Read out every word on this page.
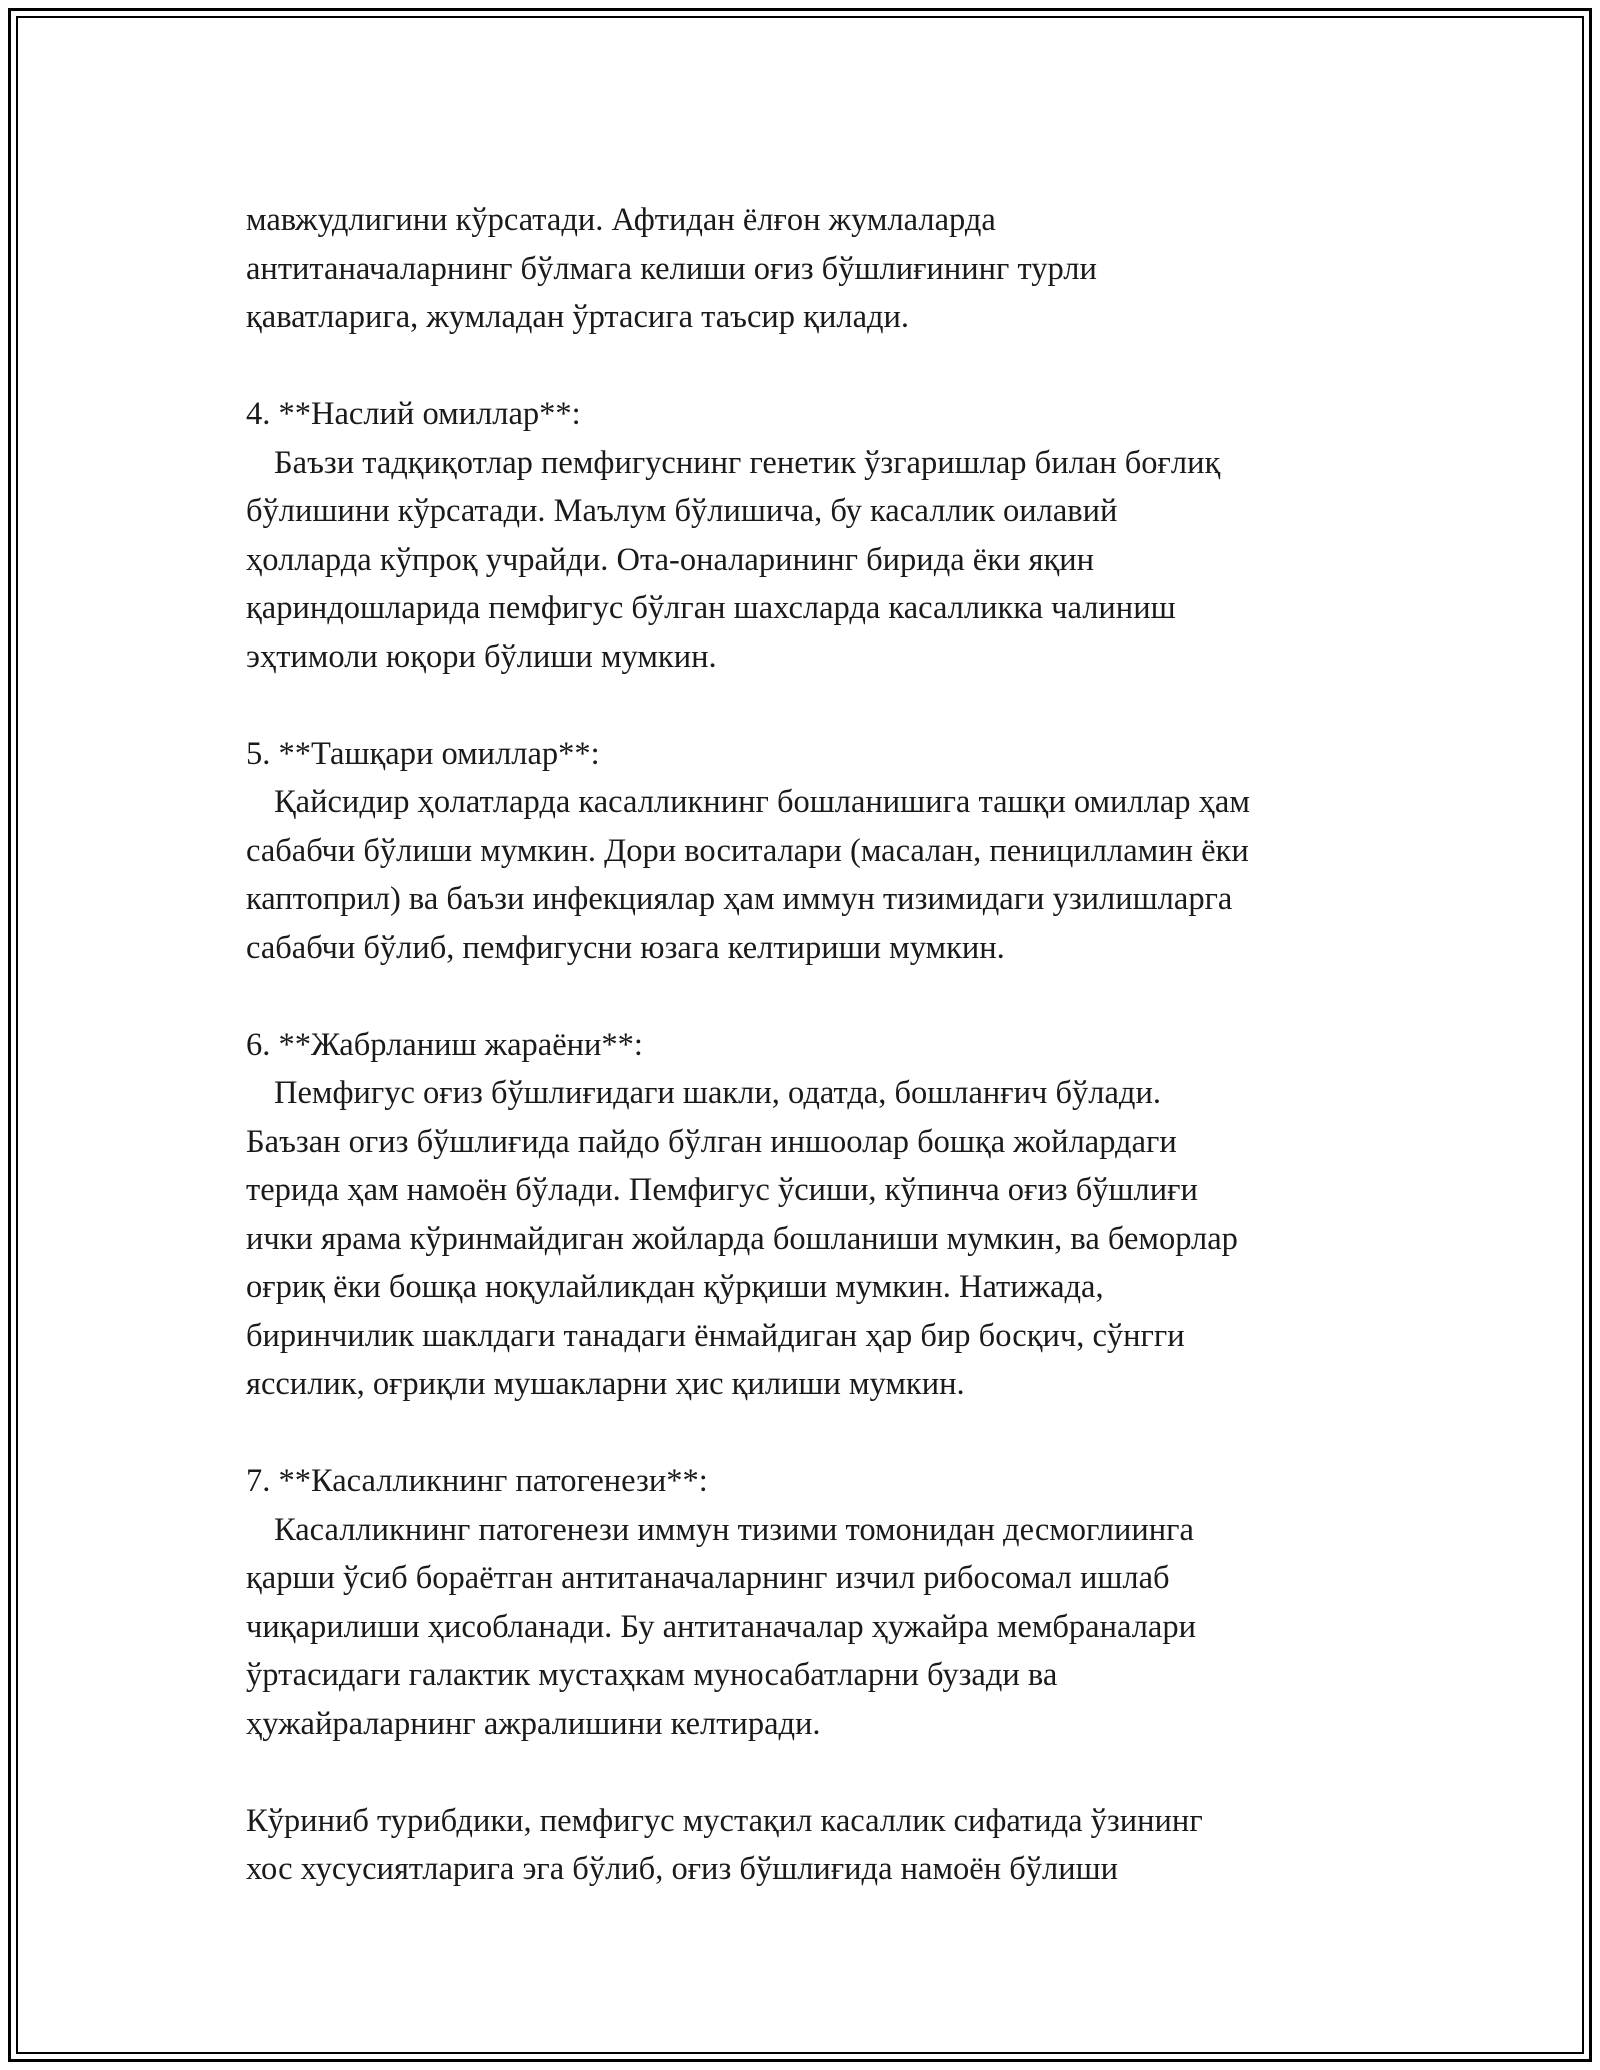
мавжудлигини кўрсатади. Афтидан ёлғон жумлаларда
антитаначаларнинг бўлмага келиши оғиз бўшлиғининг турли
қаватларига, жумладан ўртасига таъсир қилади.
4. **Наслий омиллар**:
Баъзи тадқиқотлар пемфигуснинг генетик ўзгаришлар билан боғлиқ
бўлишини кўрсатади. Маълум бўлишича, бу касаллик оилавий
ҳолларда кўпроқ учрайди. Ота-оналарининг бирида ёки яқин
қариндошларида пемфигус бўлган шахсларда касалликка чалиниш
эҳтимоли юқори бўлиши мумкин.
5. **Ташқари омиллар**:
Қайсидир ҳолатларда касалликнинг бошланишига ташқи омиллар ҳам
сабабчи бўлиши мумкин. Дори воситалари (масалан, пеницилламин ёки
каптоприл) ва баъзи инфекциялар ҳам иммун тизимидаги узилишларга
сабабчи бўлиб, пемфигусни юзага келтириши мумкин.
6. **Жабрланиш жараёни**:
Пемфигус оғиз бўшлиғидаги шакли, одатда, бошланғич бўлади.
Баъзан огиз бўшлиғида пайдо бўлган иншоолар бошқа жойлардаги
терида ҳам намоён бўлади. Пемфигус ўсиши, кўпинча оғиз бўшлиғи
ички ярама кўринмайдиган жойларда бошланиши мумкин, ва беморлар
оғриқ ёки бошқа ноқулайликдан қўрқиши мумкин. Натижада,
биринчилик шаклдаги танадаги ёнмайдиган ҳар бир босқич, сўнгги
яссилик, оғриқли мушакларни ҳис қилиши мумкин.
7. **Касалликнинг патогенези**:
Касалликнинг патогенези иммун тизими томонидан десмоглиинга
қарши ўсиб бораётган антитаначаларнинг изчил рибосомал ишлаб
чиқарилиши ҳисобланади. Бу антитаначалар ҳужайра мембраналари
ўртасидаги галактик мустаҳкам муносабатларни бузади ва
ҳужайраларнинг ажралишини келтиради.
Кўриниб турибдики, пемфигус мустақил касаллик сифатида ўзининг
хос хусусиятларига эга бўлиб, оғиз бўшлиғида намоён бўлиши
